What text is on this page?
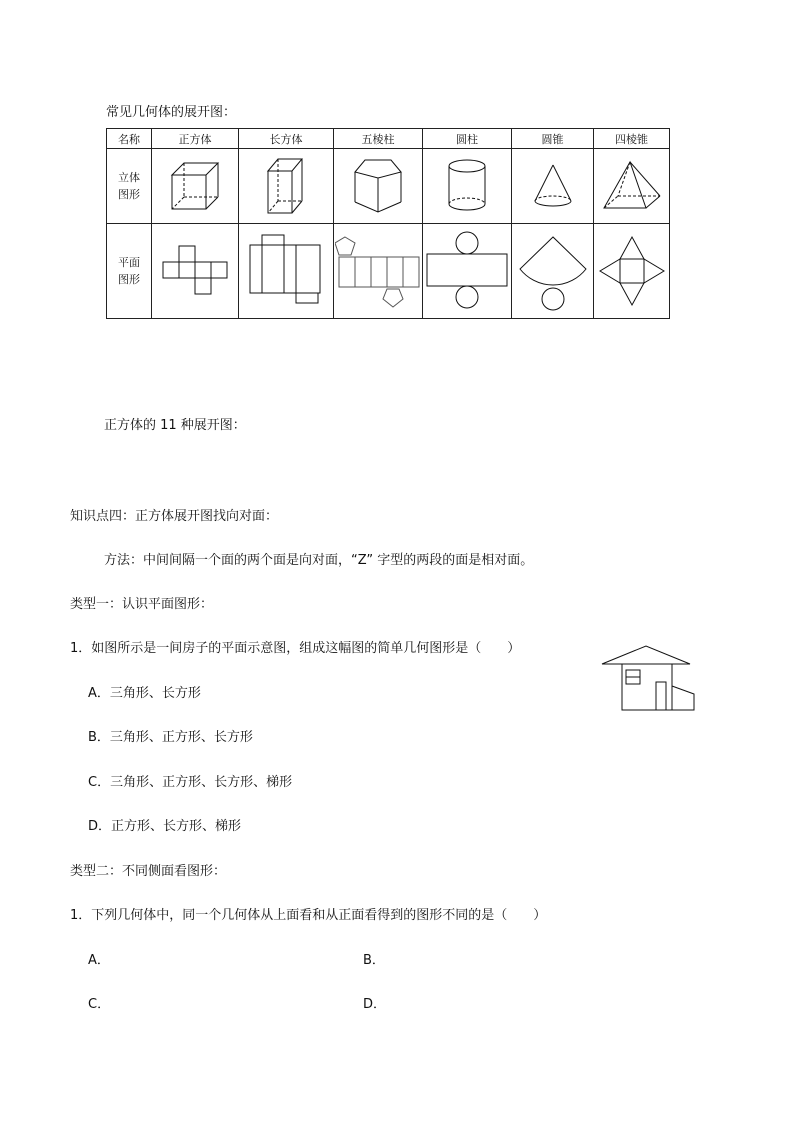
常见几何体的展开图：
名称	正方体	长方体	五棱柱	圆柱	圆锥	四棱锥

立体
图形

平面
图形

正方体的 11 种展开图：
知识点四：正方体展开图找向对面：
方法：中间间隔一个面的两个面是向对面，“Z” 字型的两段的面是相对面。
类型一：认识平面图形：
1．如图所示是一间房子的平面示意图，组成这幅图的简单几何图形是（　　）
A．三角形、长方形
B．三角形、正方形、长方形
C．三角形、正方形、长方形、梯形
D．正方形、长方形、梯形
类型二：不同侧面看图形：
1．下列几何体中，同一个几何体从上面看和从正面看得到的图形不同的是（　　）
A．	B．
C．	D．
